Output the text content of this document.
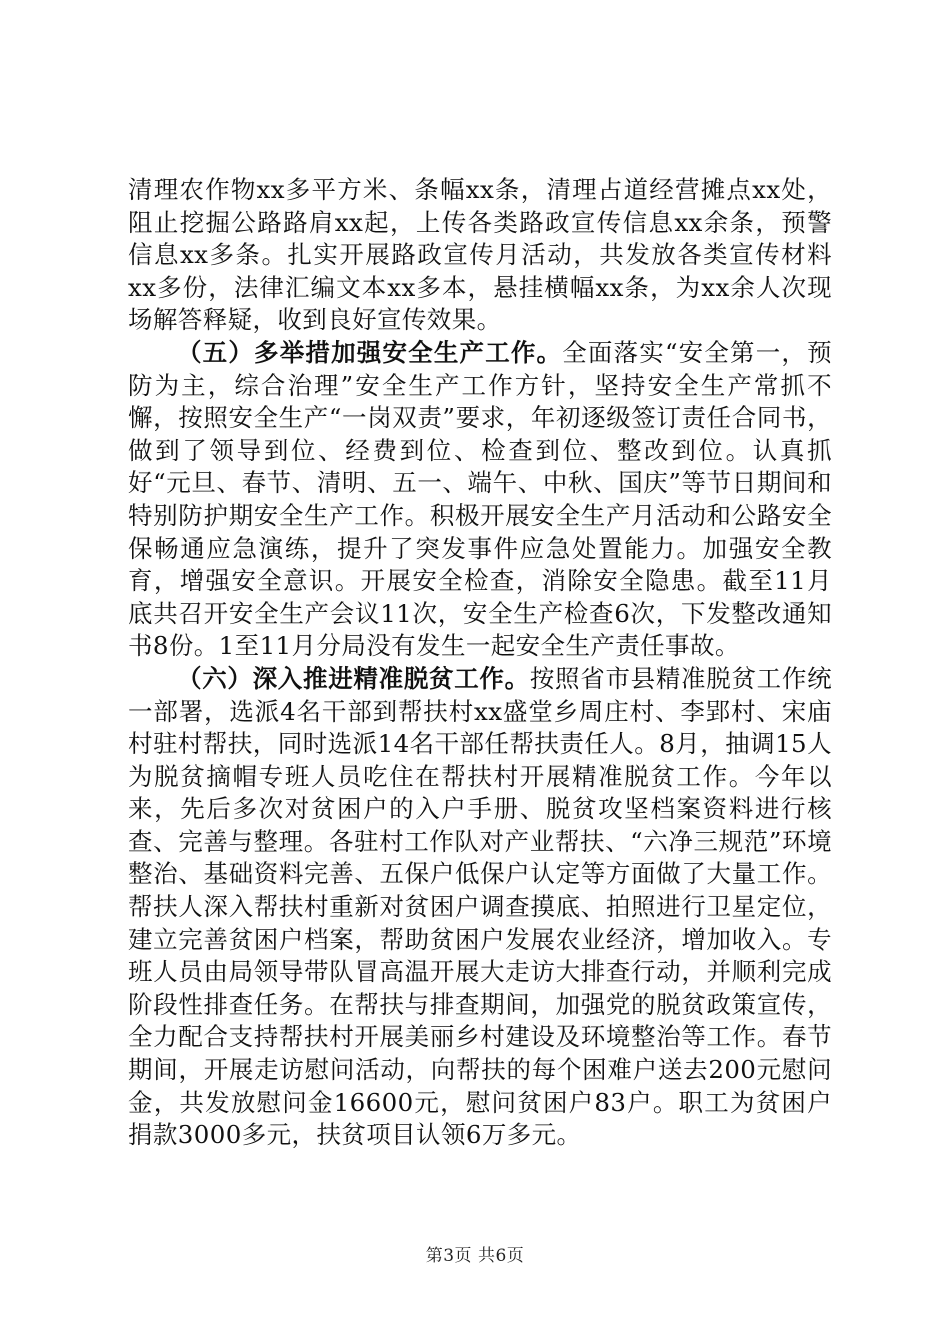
清理农作物xx多平方米、条幅xx条，清理占道经营摊点xx处，阻止挖掘公路路肩xx起，上传各类路政宣传信息xx余条，预警信息xx多条。扎实开展路政宣传月活动，共发放各类宣传材料xx多份，法律汇编文本xx多本，悬挂横幅xx条，为xx余人次现场解答释疑，收到良好宣传效果。

（五）多举措加强安全生产工作。全面落实“安全第一，预防为主，综合治理”安全生产工作方针，坚持安全生产常抓不懈，按照安全生产“一岗双责”要求，年初逐级签订责任合同书，做到了领导到位、经费到位、检查到位、整改到位。认真抓好“元旦、春节、清明、五一、端午、中秋、国庆”等节日期间和特别防护期安全生产工作。积极开展安全生产月活动和公路安全保畅通应急演练，提升了突发事件应急处置能力。加强安全教育，增强安全意识。开展安全检查，消除安全隐患。截至11月底共召开安全生产会议11次，安全生产检查6次，下发整改通知书8份。1至11月分局没有发生一起安全生产责任事故。

（六）深入推进精准脱贫工作。按照省市县精准脱贫工作统一部署，选派4名干部到帮扶村xx盛堂乡周庄村、李郢村、宋庙村驻村帮扶，同时选派14名干部任帮扶责任人。8月，抽调15人为脱贫摘帽专班人员吃住在帮扶村开展精准脱贫工作。今年以来，先后多次对贫困户的入户手册、脱贫攻坚档案资料进行核查、完善与整理。各驻村工作队对产业帮扶、“六净三规范”环境整治、基础资料完善、五保户低保户认定等方面做了大量工作。帮扶人深入帮扶村重新对贫困户调查摸底、拍照进行卫星定位，建立完善贫困户档案，帮助贫困户发展农业经济，增加收入。专班人员由局领导带队冒高温开展大走访大排查行动，并顺利完成阶段性排查任务。在帮扶与排查期间，加强党的脱贫政策宣传，全力配合支持帮扶村开展美丽乡村建设及环境整治等工作。春节期间，开展走访慰问活动，向帮扶的每个困难户送去200元慰问金，共发放慰问金16600元，慰问贫困户83户。职工为贫困户捐款3000多元，扶贫项目认领6万多元。

第3页 共6页
